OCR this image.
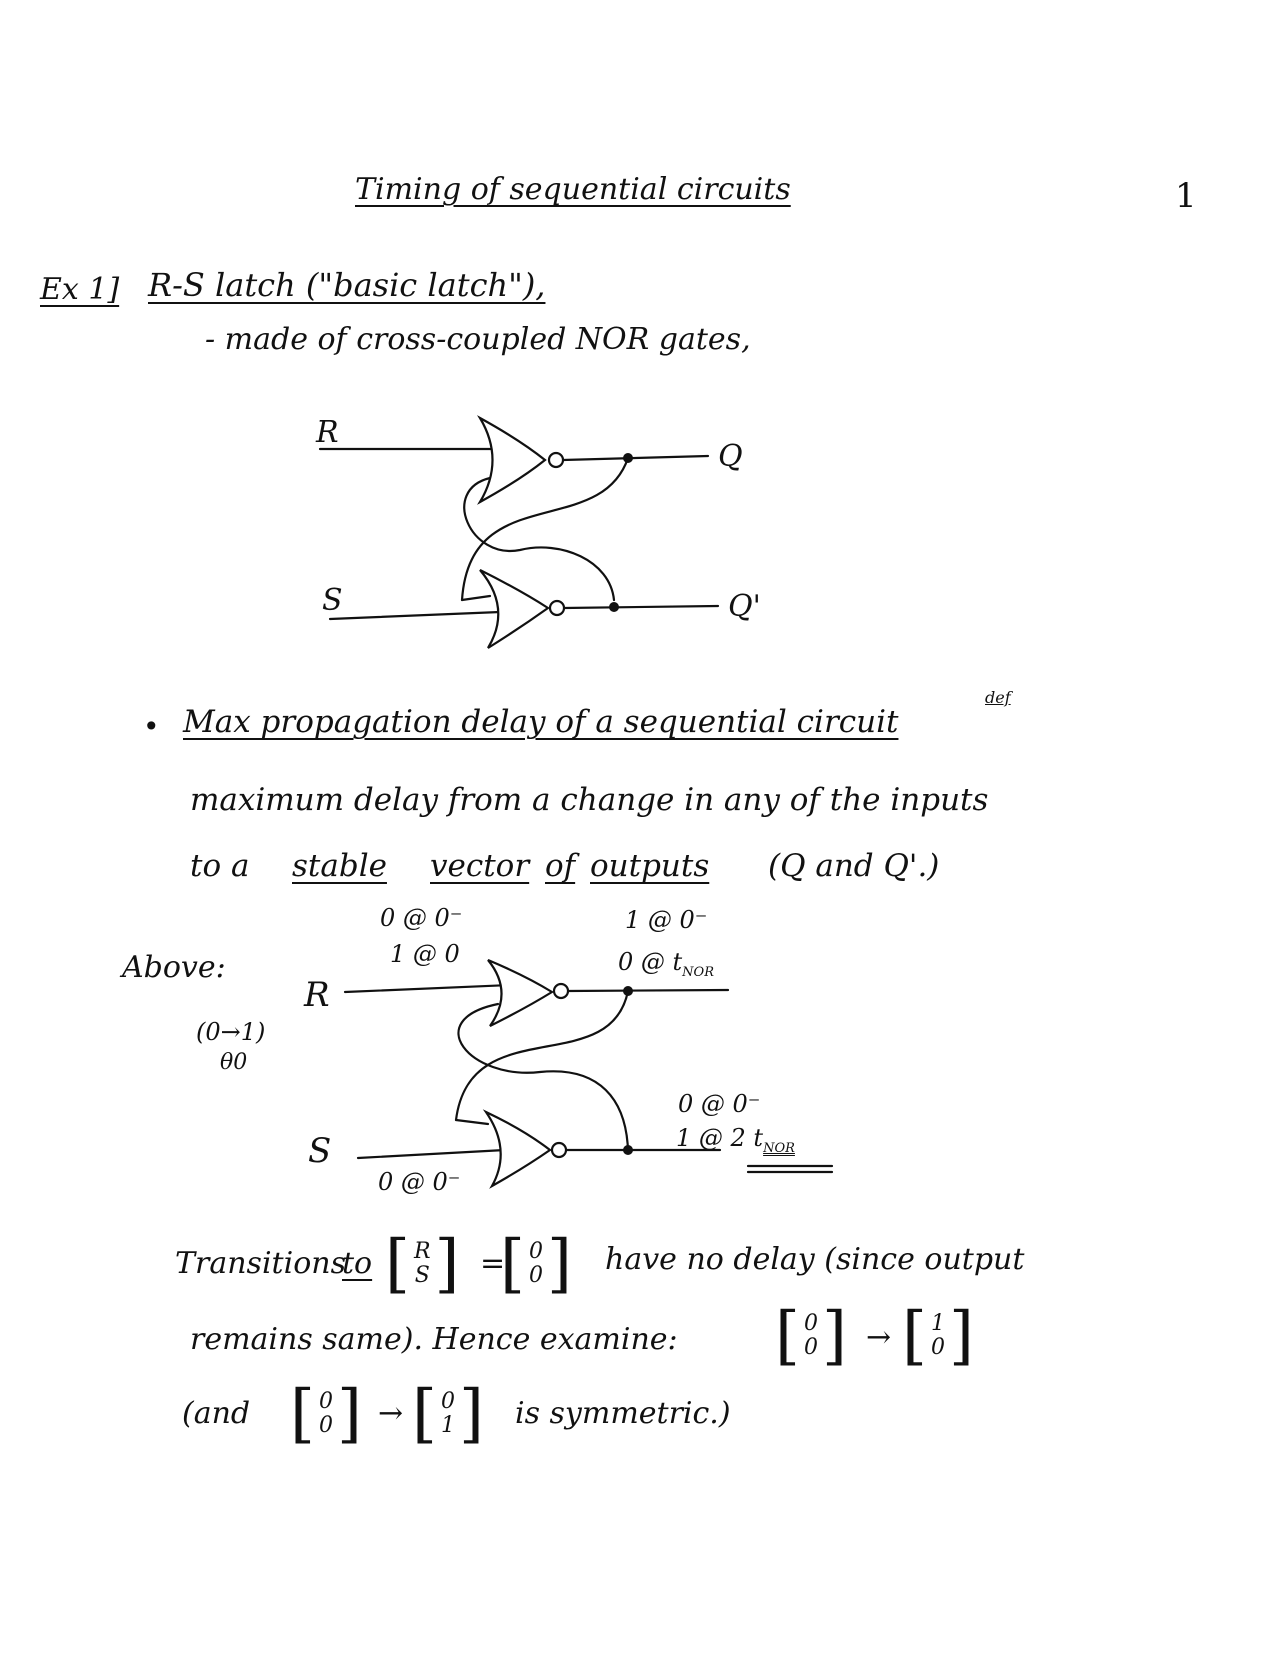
Timing of sequential circuits	1
Ex 1] R-S latch ("basic latch"),
- made of cross-coupled NOR gates,
R
S
Q
Q'
• Max propagation delay of a sequential circuit
def
maximum delay from a change in any of the inputs
to a stable vector of outputs (Q and Q'.)
Above:
(0→1)
θ0
0 @ 0⁻
1 @ 0
1 @ 0⁻
0 @ $t_{NOR}$
0 @ 0⁻
1 @ 2 $t_{NOR}$
0 @ 0⁻
R
S
Transitions
to [ R
S ] =
[ 0
0 ] have no delay (since output
remains same). Hence examine: [ 0
0 ] → [ 1
0 ]
(and [ 0
0 ] → [ 0
1 ] is symmetric.)
